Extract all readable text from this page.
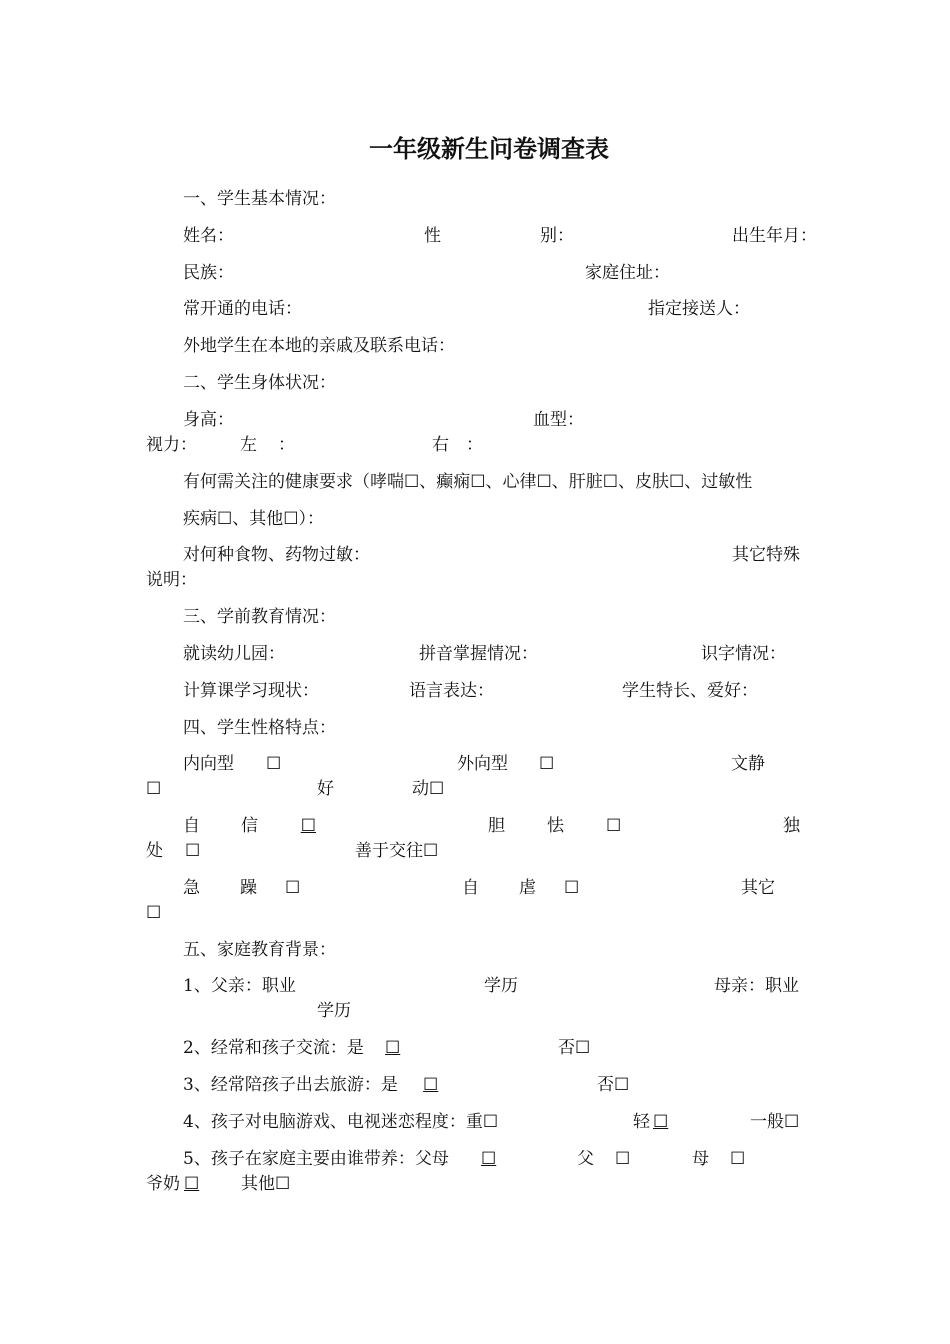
一年级新生问卷调查表
一、学生基本情况：
姓名：	性	别：	出生年月：
民族：	家庭住址：
常开通的电话：	指定接送人：
外地学生在本地的亲戚及联系电话：
二、学生身体状况：
身高：	血型：
视力：	左 ：	右 ：
有何需关注的健康要求（哮喘☐、癫痫☐、心律☐、肝脏☐、皮肤☐、过敏性
疾病☐、其他☐）：
对何种食物、药物过敏：	其它特殊
说明：
三、学前教育情况：
就读幼儿园：	拼音掌握情况：	识字情况：
计算课学习现状：	语言表达：	学生特长、爱好：
四、学生性格特点：
内向型 ☐	外向型 ☐	文静
☐	好	动☐
自 信	☐	胆 怯 ☐	独
处 ☐	善于交往☐
急 躁 ☐	自 虐 ☐	其它
☐
五、家庭教育背景：
1、父亲：职业	学历	母亲：职业
学历
2、经常和孩子交流：是 ☐	否☐
3、经常陪孩子出去旅游：是 ☐	否☐
4、孩子对电脑游戏、电视迷恋程度：重☐	轻 ☐	一般☐
5、孩子在家庭主要由谁带养：父母 ☐	父 ☐	母 ☐
爷奶 ☐ 其他☐
